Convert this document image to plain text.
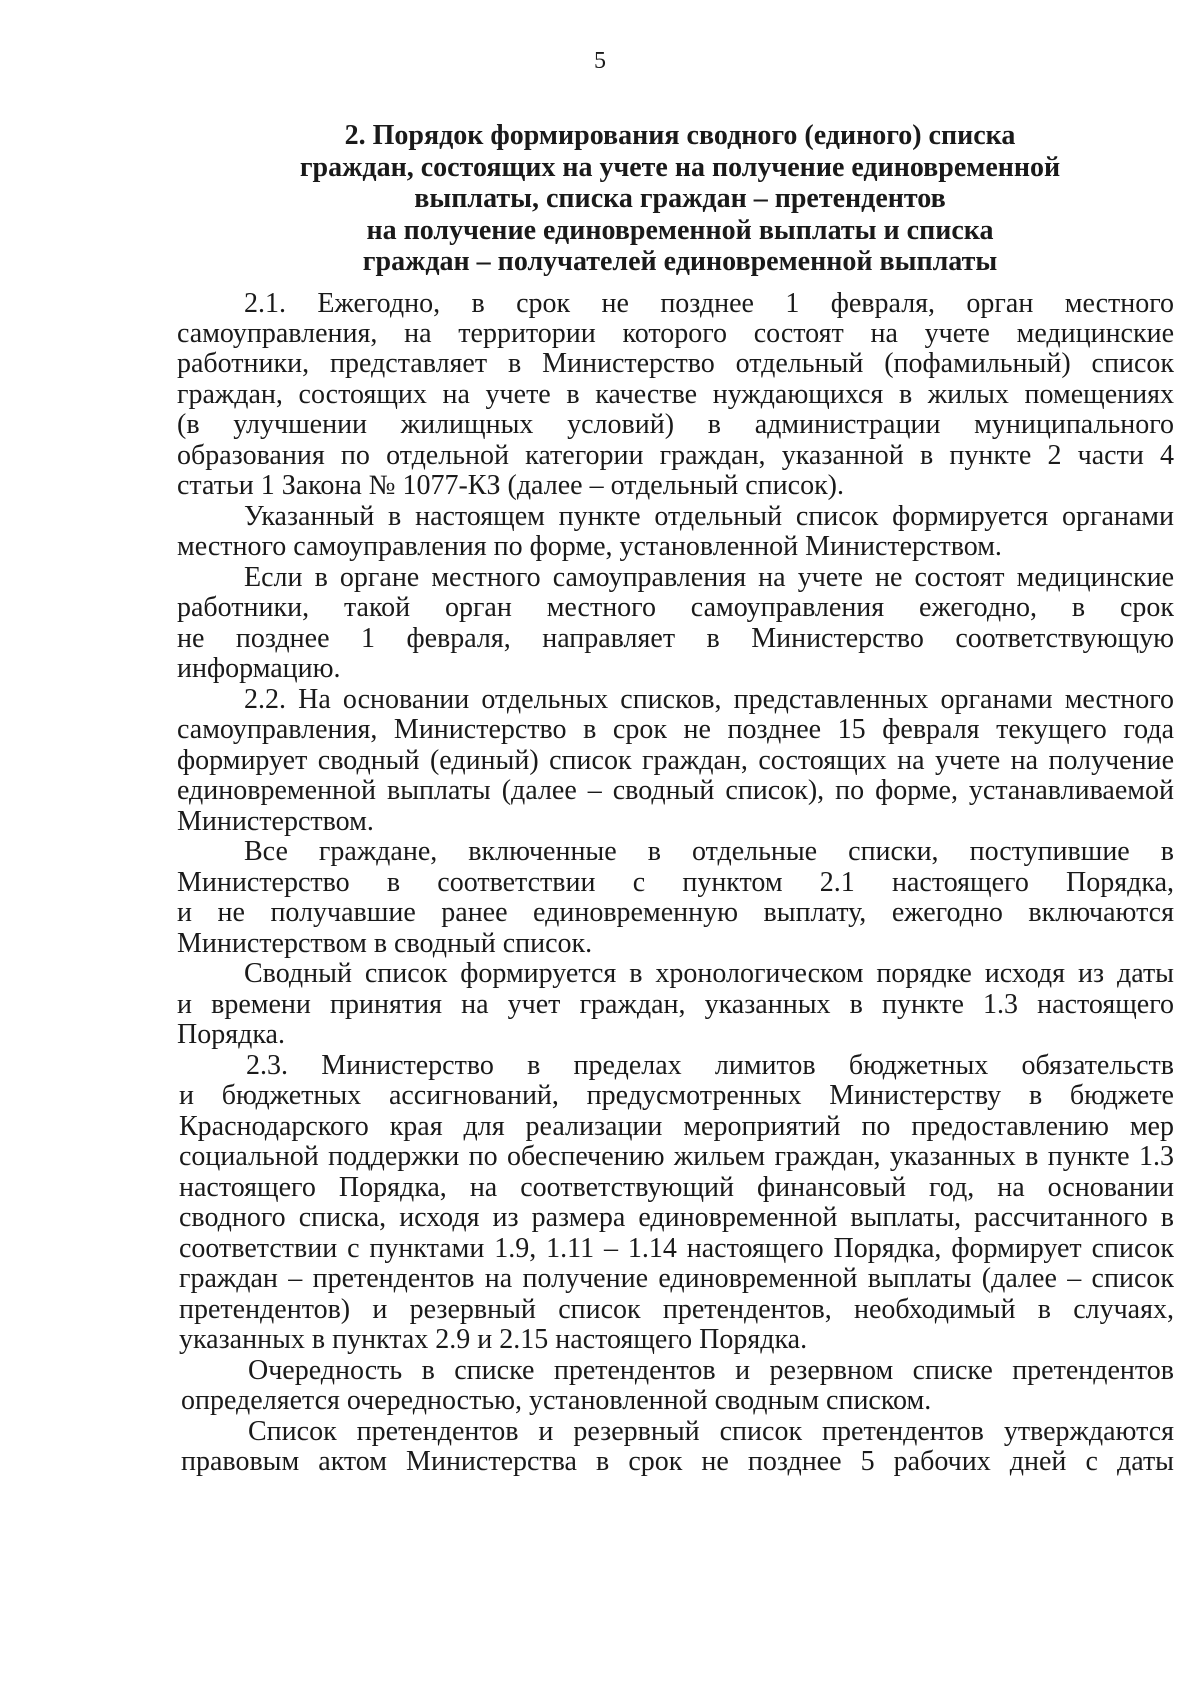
5
2. Порядок формирования сводного (единого) списка
граждан, состоящих на учете на получение единовременной
выплаты, списка граждан – претендентов
на получение единовременной выплаты и списка
граждан – получателей единовременной выплаты
2.1. Ежегодно, в срок не позднее 1 февраля, орган местного
самоуправления, на территории которого состоят на учете медицинские
работники, представляет в Министерство отдельный (пофамильный) список
граждан, состоящих на учете в качестве нуждающихся в жилых помещениях
(в улучшении жилищных условий) в администрации муниципального
образования по отдельной категории граждан, указанной в пункте 2 части 4
статьи 1 Закона № 1077-КЗ (далее – отдельный список).
Указанный в настоящем пункте отдельный список формируется органами
местного самоуправления по форме, установленной Министерством.
Если в органе местного самоуправления на учете не состоят медицинские
работники, такой орган местного самоуправления ежегодно, в срок
не позднее 1 февраля, направляет в Министерство соответствующую
информацию.
2.2. На основании отдельных списков, представленных органами местного
самоуправления, Министерство в срок не позднее 15 февраля текущего года
формирует сводный (единый) список граждан, состоящих на учете на получение
единовременной выплаты (далее – сводный список), по форме, устанавливаемой
Министерством.
Все граждане, включенные в отдельные списки, поступившие в
Министерство в соответствии с пунктом 2.1 настоящего Порядка,
и не получавшие ранее единовременную выплату, ежегодно включаются
Министерством в сводный список.
Сводный список формируется в хронологическом порядке исходя из даты
и времени принятия на учет граждан, указанных в пункте 1.3 настоящего
Порядка.
2.3. Министерство в пределах лимитов бюджетных обязательств
и бюджетных ассигнований, предусмотренных Министерству в бюджете
Краснодарского края для реализации мероприятий по предоставлению мер
социальной поддержки по обеспечению жильем граждан, указанных в пункте 1.3
настоящего Порядка, на соответствующий финансовый год, на основании
сводного списка, исходя из размера единовременной выплаты, рассчитанного в
соответствии с пунктами 1.9, 1.11 – 1.14 настоящего Порядка, формирует список
граждан – претендентов на получение единовременной выплаты (далее – список
претендентов) и резервный список претендентов, необходимый в случаях,
указанных в пунктах 2.9 и 2.15 настоящего Порядка.
Очередность в списке претендентов и резервном списке претендентов
определяется очередностью, установленной сводным списком.
Список претендентов и резервный список претендентов утверждаются
правовым актом Министерства в срок не позднее 5 рабочих дней с даты
